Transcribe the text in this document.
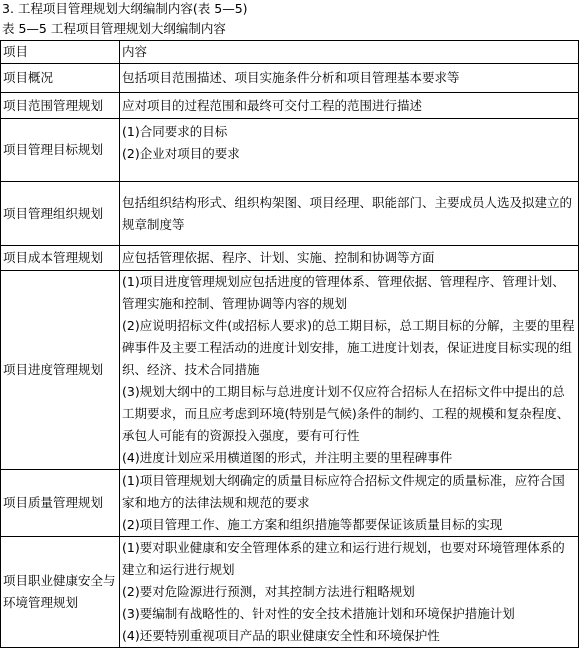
3. 工程项目管理规划大纲编制内容(表 5—5)
表 5—5 工程项目管理规划大纲编制内容
项目	内容
项目概况	包括项目范围描述、项目实施条件分析和项目管理基本要求等

项目范围管理规划	应对项目的过程范围和最终可交付工程的范围进行描述

项目管理目标规划	(1)合同要求的目标
(2)企业对项目的要求

项目管理组织规划	包括组织结构形式、组织构架图、项目经理、职能部门、主要成员人选及拟建立的规章制度等

项目成本管理规划	应包括管理依据、程序、计划、实施、控制和协调等方面

项目进度管理规划	(1)项目进度管理规划应包括进度的管理体系、管理依据、管理程序、管理计划、管理实施和控制、管理协调等内容的规划
(2)应说明招标文件(或招标人要求)的总工期目标，总工期目标的分解，主要的里程碑事件及主要工程活动的进度计划安排，施工进度计划表，保证进度目标实现的组织、经济、技术合同措施
(3)规划大纲中的工期目标与总进度计划不仅应符合招标人在招标文件中提出的总工期要求，而且应考虑到环境(特别是气候)条件的制约、工程的规模和复杂程度、承包人可能有的资源投入强度，要有可行性
(4)进度计划应采用横道图的形式，并注明主要的里程碑事件

项目质量管理规划	(1)项目管理规划大纲确定的质量目标应符合招标文件规定的质量标准，应符合国家和地方的法律法规和规范的要求
(2)项目管理工作、施工方案和组织措施等都要保证该质量目标的实现

项目职业健康安全与环境管理规划	(1)要对职业健康和安全管理体系的建立和运行进行规划，也要对环境管理体系的建立和运行进行规划
(2)要对危险源进行预测，对其控制方法进行粗略规划
(3)要编制有战略性的、针对性的安全技术措施计划和环境保护措施计划
(4)还要特别重视项目产品的职业健康安全性和环境保护性
